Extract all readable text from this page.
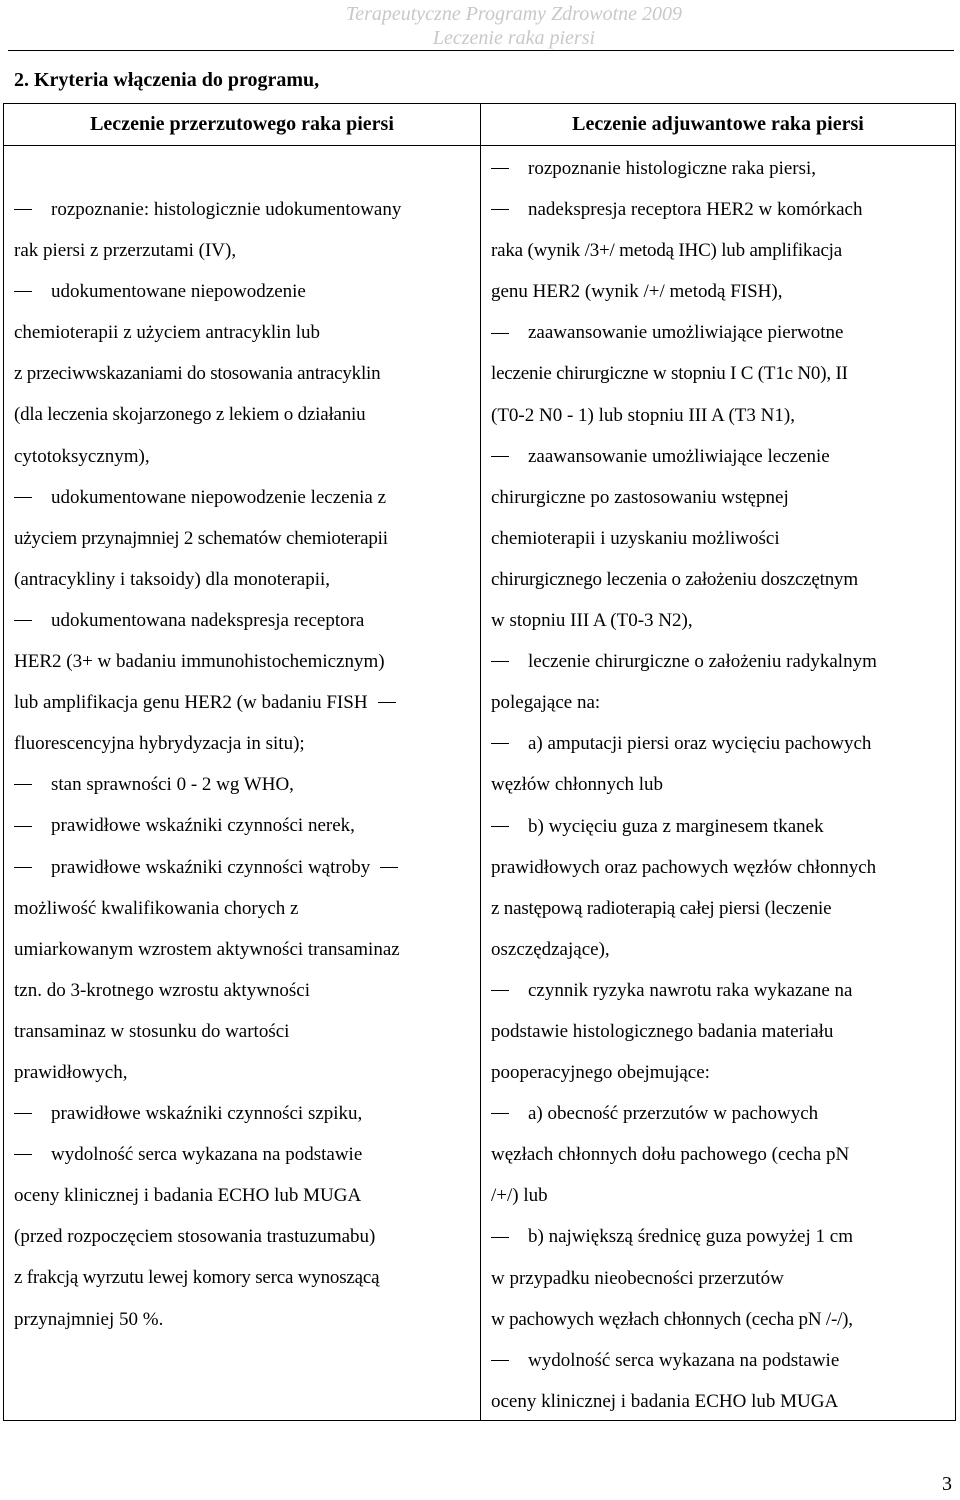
Terapeutyczne Programy Zdrowotne 2009
Leczenie raka piersi
2. Kryteria włączenia do programu,
Leczenie przerzutowego raka piersi	Leczenie adjuwantowe raka piersi
rozpoznanie: histologicznie udokumentowany
rak piersi z przerzutami (IV),
udokumentowane niepowodzenie
chemioterapii z użyciem antracyklin lub
z przeciwwskazaniami do stosowania antracyklin
(dla leczenia skojarzonego z lekiem o działaniu
cytotoksycznym),
udokumentowane niepowodzenie leczenia z
użyciem przynajmniej 2 schematów chemioterapii
(antracykliny i taksoidy) dla monoterapii,
udokumentowana nadekspresja receptora
HER2 (3+ w badaniu immunohistochemicznym)
lub amplifikacja genu HER2 (w badaniu FISH
fluorescencyjna hybrydyzacja in situ);
stan sprawności 0 - 2 wg WHO,
prawidłowe wskaźniki czynności nerek,
prawidłowe wskaźniki czynności wątroby
możliwość kwalifikowania chorych z
umiarkowanym wzrostem aktywności transaminaz
tzn. do 3-krotnego wzrostu aktywności
transaminaz w stosunku do wartości
prawidłowych,
prawidłowe wskaźniki czynności szpiku,
wydolność serca wykazana na podstawie
oceny klinicznej i badania ECHO lub MUGA
(przed rozpoczęciem stosowania trastuzumabu)
z frakcją wyrzutu lewej komory serca wynoszącą
przynajmniej 50 %.
rozpoznanie histologiczne raka piersi,
nadekspresja receptora HER2 w komórkach
raka (wynik /3+/ metodą IHC) lub amplifikacja
genu HER2 (wynik /+/ metodą FISH),
zaawansowanie umożliwiające pierwotne
leczenie chirurgiczne w stopniu I C (T1c N0), II
(T0-2 N0 - 1) lub stopniu III A (T3 N1),
zaawansowanie umożliwiające leczenie
chirurgiczne po zastosowaniu wstępnej
chemioterapii i uzyskaniu możliwości
chirurgicznego leczenia o założeniu doszczętnym
w stopniu III A (T0-3 N2),
leczenie chirurgiczne o założeniu radykalnym
polegające na:
a) amputacji piersi oraz wycięciu pachowych
węzłów chłonnych lub
b) wycięciu guza z marginesem tkanek
prawidłowych oraz pachowych węzłów chłonnych
z następową radioterapią całej piersi (leczenie
oszczędzające),
czynnik ryzyka nawrotu raka wykazane na
podstawie histologicznego badania materiału
pooperacyjnego obejmujące:
a) obecność przerzutów w pachowych
węzłach chłonnych dołu pachowego (cecha pN
/+/) lub
b) największą średnicę guza powyżej 1 cm
w przypadku nieobecności przerzutów
w pachowych węzłach chłonnych (cecha pN /-/),
wydolność serca wykazana na podstawie
oceny klinicznej i badania ECHO lub MUGA
3
